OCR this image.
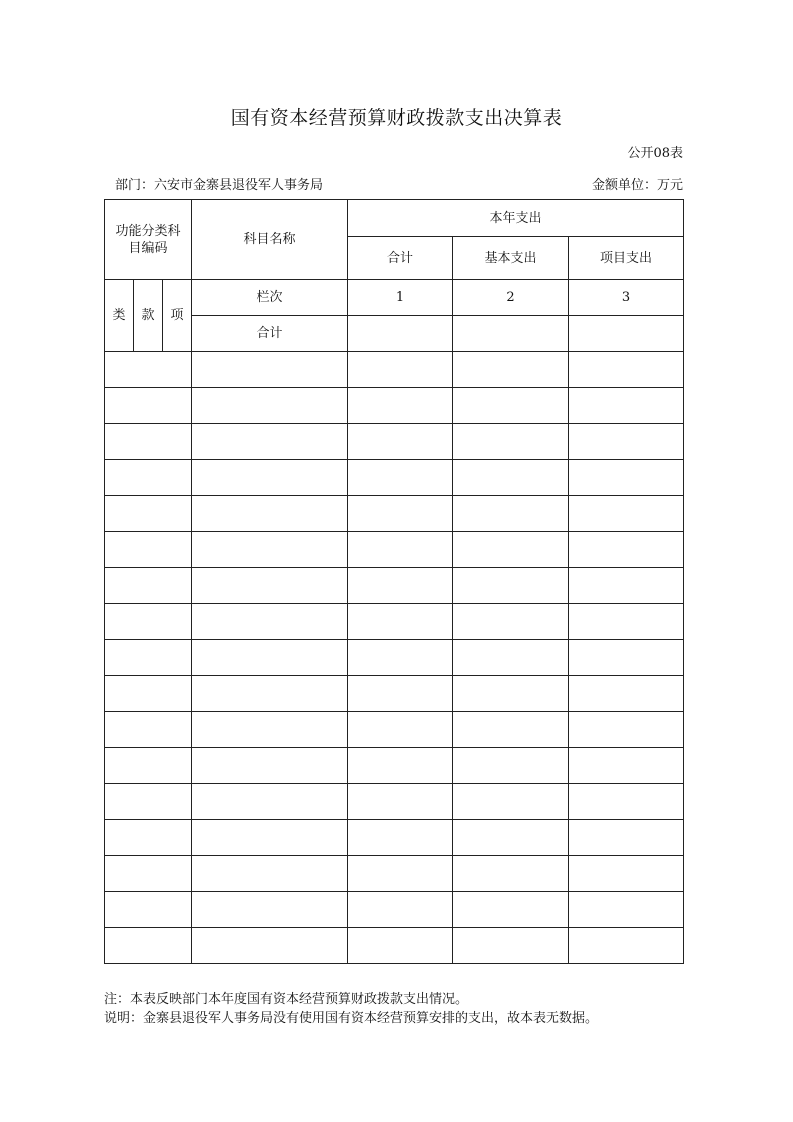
国有资本经营预算财政拨款支出决算表
公开08表
部门：六安市金寨县退役军人事务局	金额单位：万元
功能分类科目编码			科目名称	本年支出		
				合计	基本支出	项目支出
类	款	项	栏次	1	2	3
			合计			

注：本表反映部门本年度国有资本经营预算财政拨款支出情况。
说明：金寨县退役军人事务局没有使用国有资本经营预算安排的支出，故本表无数据。
